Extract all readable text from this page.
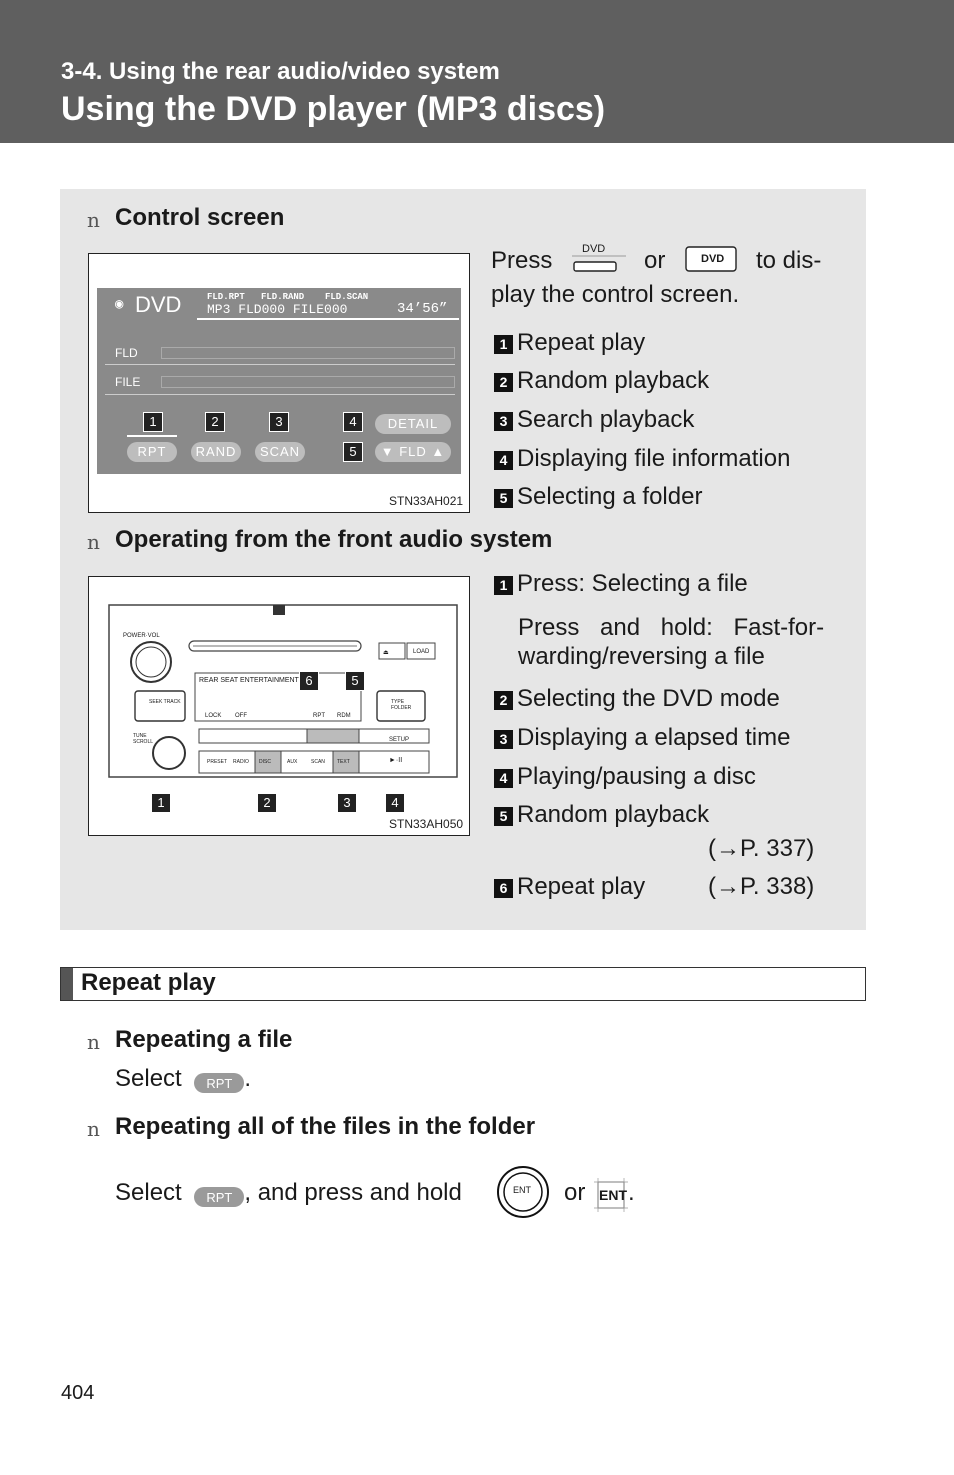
3-4. Using the rear audio/video system
Using the DVD player (MP3 discs)
n Control screen
◉ DVD	FLD.RPT FLD.RAND FLD.SCAN
MP3 FLD000 FILE000	34’56”
FLD
FILE
1	2	3	4
5
RPT	RAND	SCAN
DETAIL
▼ FLD ▲
STN33AH021
Press	DVD or	DVD to dis-
play the control screen.
1 Repeat play
2 Random playback
3 Search playback
4 Displaying file information
5 Selecting a folder
n Operating from the front audio system
POWER·VOL
LOAD
⏏
REAR SEAT ENTERTAINMENT
LOCK OFF	RPT RDM
SEEK TRACK	TYPE FOLDER
TUNE SCROLL	SETUP
PRESET RADIO DISC	AUX	SCAN TEXT	►·II
1	2	3	4
5
6
STN33AH050
1 Press: Selecting a file
Press and hold: Fast-for-
warding/reversing a file
2 Selecting the DVD mode
3 Displaying a elapsed time
4 Playing/pausing a disc
5 Random playback
(→P. 337)
6 Repeat play	(→P. 338)
Repeat play
n Repeating a file
Select RPT .
n Repeating all of the files in the folder
Select RPT , and press and hold	ENT or ENT .
404
